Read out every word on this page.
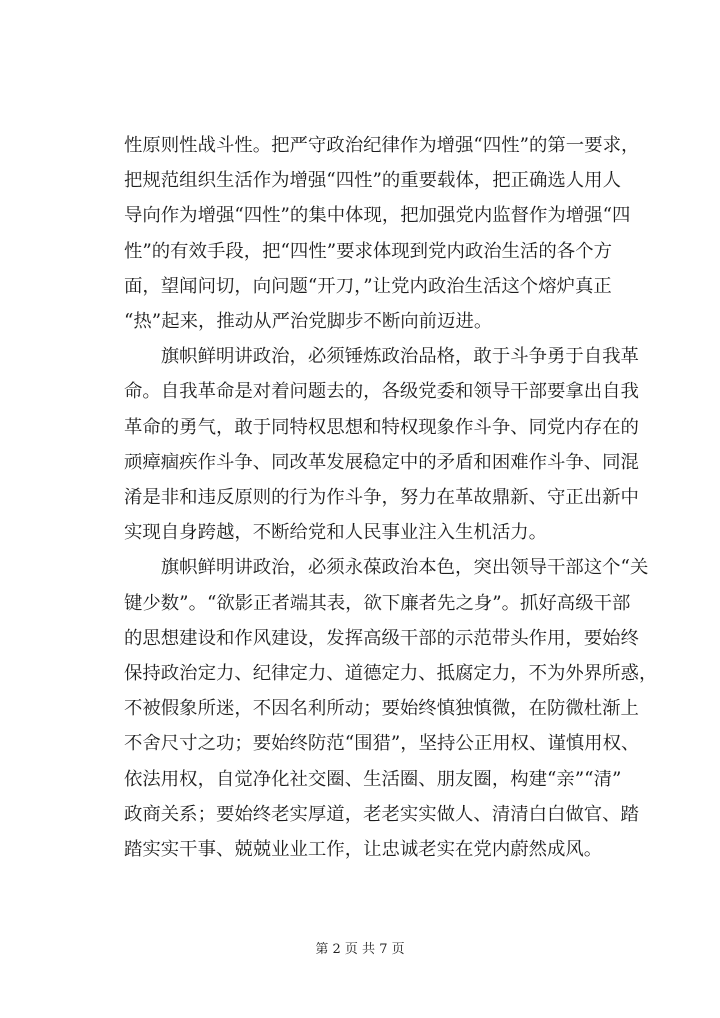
性原则性战斗性。把严守政治纪律作为增强“四性”的第一要求，
把规范组织生活作为增强“四性”的重要载体，把正确选人用人
导向作为增强“四性”的集中体现，把加强党内监督作为增强“四
性”的有效手段，把“四性”要求体现到党内政治生活的各个方
面，望闻问切，向问题“开刀，”让党内政治生活这个熔炉真正
“热”起来，推动从严治党脚步不断向前迈进。
　　旗帜鲜明讲政治，必须锤炼政治品格，敢于斗争勇于自我革
命。自我革命是对着问题去的，各级党委和领导干部要拿出自我
革命的勇气，敢于同特权思想和特权现象作斗争、同党内存在的
顽瘴痼疾作斗争、同改革发展稳定中的矛盾和困难作斗争、同混
淆是非和违反原则的行为作斗争，努力在革故鼎新、守正出新中
实现自身跨越，不断给党和人民事业注入生机活力。
　　旗帜鲜明讲政治，必须永葆政治本色，突出领导干部这个“关
键少数”。“欲影正者端其表，欲下廉者先之身”。抓好高级干部
的思想建设和作风建设，发挥高级干部的示范带头作用，要始终
保持政治定力、纪律定力、道德定力、抵腐定力，不为外界所惑，
不被假象所迷，不因名利所动；要始终慎独慎微，在防微杜渐上
不舍尺寸之功；要始终防范“围猎”，坚持公正用权、谨慎用权、
依法用权，自觉净化社交圈、生活圈、朋友圈，构建“亲”“清”
政商关系；要始终老实厚道，老老实实做人、清清白白做官、踏
踏实实干事、兢兢业业工作，让忠诚老实在党内蔚然成风。
第 2 页 共 7 页
